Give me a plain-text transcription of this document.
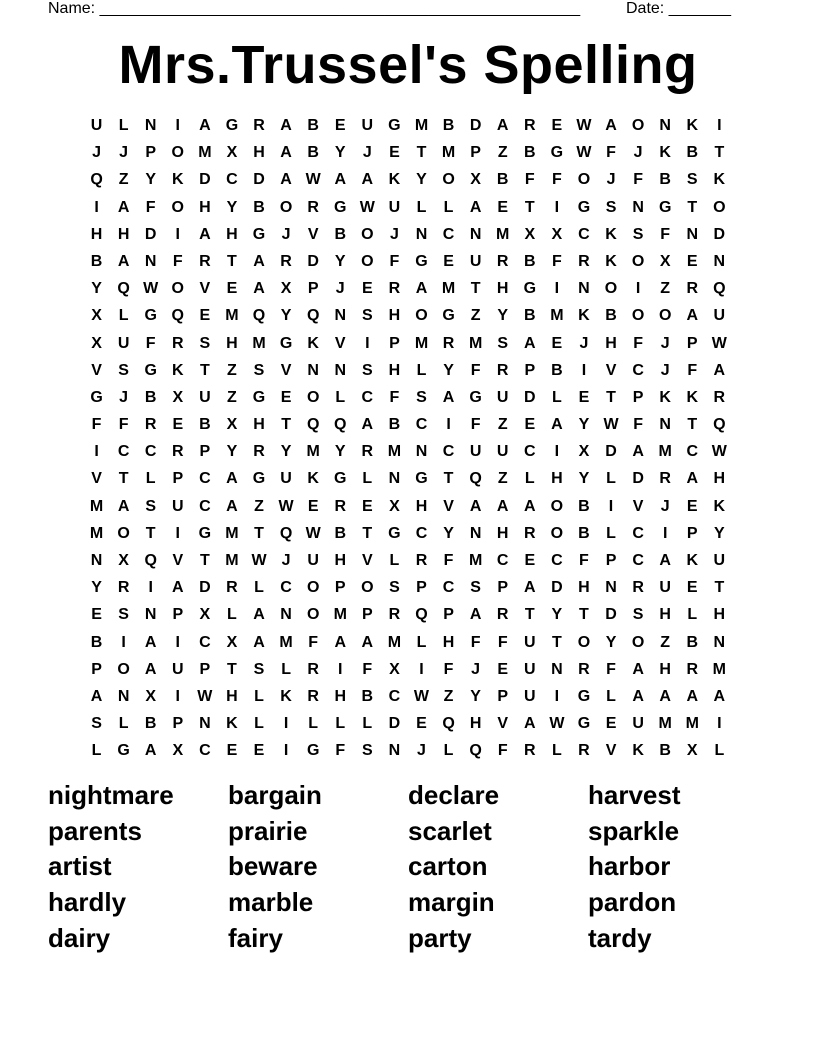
Name: ______________________________________________________	Date: _______
Mrs.Trussel's Spelling
U	L	N	I	A G R A B E U G M B D A R E W A O N K	I
J	J	P O M X H A B Y	J	E	T M P	Z	B G W F	J	K B	T
Q Z	Y K D C D A W A A K Y O X B	F	F O	J	F	B S K
I	A	F O H Y B O R G W U	L	L	A E	T	I	G S N G T O
H H D	I	A H G	J	V B O	J	N C N M X	X C K S	F	N D
B A N	F	R	T	A R D Y O F G E U R B	F	R K O X	E N
Y Q W O V	E A X	P	J	E R A M T	H G	I	N O	I	Z	R Q
X	L G Q E M Q Y Q N S H O G Z	Y B M K B O O A U
X U	F	R S H M G K V	I	P M R M S A E	J	H	F	J	P W
V	S G K	T	Z	S	V N N S H	L	Y	F	R P B	I	V C	J	F	A
G	J	B X U	Z G E O L	C	F	S A G U D	L	E	T	P K K R
F	F	R E B X H	T Q Q A B C	I	F	Z	E A Y W F	N	T Q
I	C C R P	Y R Y M Y R M N C U U C	I	X D A M C W
V	T	L	P C A G U K G L	N G T Q Z	L	H Y	L	D R A H
M A S U C A	Z W E R E	X H V A A A O B	I	V	J	E K
M O T	I	G M T Q W B	T G C Y N H R O B	L	C	I	P	Y
N X Q V	T M W J	U H V	L	R	F M C E C	F	P C A K U
Y R	I	A D R	L	C O P O S	P C S	P A D H N R U E	T
E	S N P	X	L	A N O M P R Q P A R	T	Y	T	D S H	L	H
B	I	A	I	C X A M F	A A M L	H	F	F	U	T O Y O Z	B N
P O A U P	T	S	L	R	I	F	X	I	F	J	E U N R	F	A H R M
A N X	I	W H	L	K R H B C W Z	Y	P U	I	G L	A A A A
S	L	B P N K	L	I	L	L	L	D E Q H V A W G E U M M	I
L G A X C E	E	I	G F	S N	J	L Q F	R	L	R V K B X	L
nightmare	bargain	declare	harvest
parents	prairie	scarlet	sparkle
artist	beware	carton	harbor
hardly	marble	margin	pardon
dairy	fairy	party	tardy
